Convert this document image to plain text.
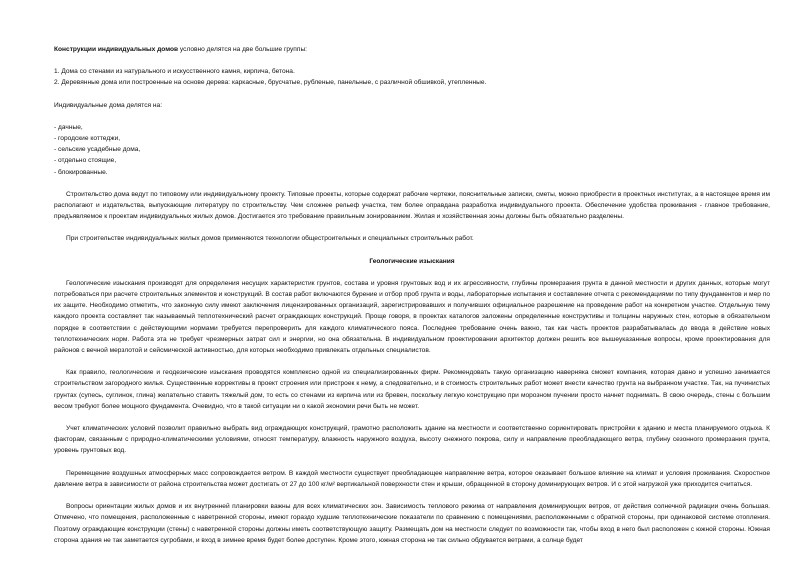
Конструкции индивидуальных домов условно делятся на две большие группы:

1. Дома со стенами из натурального и искусственного камня, кирпича, бетона.
2. Деревянные дома или построенные на основе дерева: каркасные, брусчатые, рубленые, панельные, с различной обшивкой, утепленные.

Индивидуальные дома делятся на:

- дачные,
- городские коттеджи,
- сельские усадебные дома,
- отдельно стоящие,
- блокированные.

Строительство дома ведут по типовому или индивидуальному проекту. Типовые проекты, которые содержат рабочие чертежи, пояснительные записки, сметы, можно приобрести в проектных институтах, а в настоящее время им располагают и издательства, выпускающие литературу по строительству. Чем сложнее рельеф участка, тем более оправдана разработка индивидуального проекта. Обеспечение удобства проживания - главное требование, предъявляемое к проектам индивидуальных жилых домов. Достигается это требование правильным зонированием. Жилая и хозяйственная зоны должны быть обязательно разделены.

При строительстве индивидуальных жилых домов применяются технологии общестроительных и специальных строительных работ.

Геологические изыскания

Геологические изыскания производят для определения несущих характеристик грунтов, состава и уровня грунтовых вод и их агрессивности, глубины промерзания грунта в данной местности и других данных, которые могут потребоваться при расчете строительных элементов и конструкций. В состав работ включаются бурение и отбор проб грунта и воды, лабораторные испытания и составление отчета с рекомендациями по типу фундаментов и мер по их защите. Необходимо отметить, что законную силу имеют заключения лицензированных организаций, зарегистрировавших и получивших официальное разрешение на проведение работ на конкретном участке. Отдельную тему каждого проекта составляет так называемый теплотехнический расчет ограждающих конструкций. Проще говоря, в проектах каталогов заложены определенные конструктивы и толщины наружных стен, которые в обязательном порядке в соответствии с действующими нормами требуется перепроверить для каждого климатического пояса. Последнее требование очень важно, так как часть проектов разрабатывалась до ввода в действие новых теплотехнических норм. Работа эта не требует чрезмерных затрат сил и энергии, но она обязательна. В индивидуальном проектировании архитектор должен решить все вышеуказанные вопросы, кроме проектирования для районов с вечной мерзлотой и сейсмической активностью, для которых необходимо привлекать отдельных специалистов.

Как правило, геологические и геодезические изыскания проводятся комплексно одной из специализированных фирм. Рекомендовать такую организацию наверняка сможет компания, которая давно и успешно занимается строительством загородного жилья. Существенные коррективы в проект строения или пристроек к нему, а следовательно, и в стоимость строительных работ может внести качество грунта на выбранном участке. Так, на пучинистых грунтах (супесь, суглинок, глина) желательно ставить тяжелый дом, то есть со стенами из кирпича или из бревен, поскольку легкую конструкцию при морозном пучении просто начнет поднимать. В свою очередь, стены с большим весом требуют более мощного фундамента. Очевидно, что в такой ситуации ни о какой экономии речи быть не может.

Учет климатических условий позволит правильно выбрать вид ограждающих конструкций, грамотно расположить здание на местности и соответственно сориентировать пристройки к зданию и места планируемого отдыха. К факторам, связанным с природно-климатическими условиями, относят температуру, влажность наружного воздуха, высоту снежного покрова, силу и направление преобладающего ветра, глубину сезонного промерзания грунта, уровень грунтовых вод.

Перемещение воздушных атмосферных масс сопровождается ветром. В каждой местности существует преобладающее направление ветра, которое оказывает большое влияние на климат и условия проживания. Скоростное давление ветра в зависимости от района строительства может достигать от 27 до 100 кг/м² вертикальной поверхности стен и крыши, обращенной в сторону доминирующих ветров. И с этой нагрузкой уже приходится считаться.

Вопросы ориентации жилых домов и их внутренней планировки важны для всех климатических зон. Зависимость теплового режима от направления доминирующих ветров, от действия солнечной радиации очень большая. Отмечено, что помещения, расположенные с наветренной стороны, имеют гораздо худшие теплотехнические показатели по сравнению с помещениями, расположенными с обратной стороны, при одинаковой системе отопления. Поэтому ограждающие конструкции (стены) с наветренной стороны должны иметь соответствующую защиту. Размещать дом на местности следует по возможности так, чтобы вход в него был расположен с южной стороны. Южная сторона здания не так заметается сугробами, и вход в зимнее время будет более доступен. Кроме этого, южная сторона не так сильно обдувается ветрами, а солнце будет
